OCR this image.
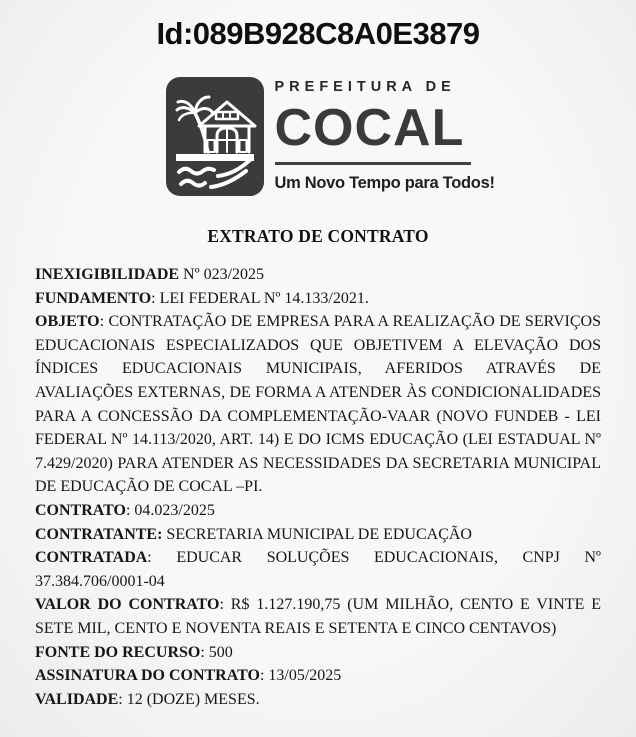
Id:089B928C8A0E3879
PREFEITURA DE
COCAL
Um Novo Tempo para Todos!
EXTRATO DE CONTRATO
INEXIGIBILIDADE Nº 023/2025
FUNDAMENTO: LEI FEDERAL Nº 14.133/2021.
OBJETO: CONTRATAÇÃO DE EMPRESA PARA A REALIZAÇÃO DE SERVIÇOS EDUCACIONAIS ESPECIALIZADOS QUE OBJETIVEM A ELEVAÇÃO DOS ÍNDICES EDUCACIONAIS MUNICIPAIS, AFERIDOS ATRAVÉS DE AVALIAÇÕES EXTERNAS, DE FORMA A ATENDER ÀS CONDICIONALIDADES PARA A CONCESSÃO DA COMPLEMENTAÇÃO-VAAR (NOVO FUNDEB - LEI FEDERAL Nº 14.113/2020, ART. 14) E DO ICMS EDUCAÇÃO (LEI ESTADUAL Nº 7.429/2020) PARA ATENDER AS NECESSIDADES DA SECRETARIA MUNICIPAL DE EDUCAÇÃO DE COCAL –PI.
CONTRATO: 04.023/2025
CONTRATANTE: SECRETARIA MUNICIPAL DE EDUCAÇÃO
CONTRATADA: EDUCAR SOLUÇÕES EDUCACIONAIS, CNPJ Nº 37.384.706/0001-04
VALOR DO CONTRATO: R$ 1.127.190,75 (UM MILHÃO, CENTO E VINTE E SETE MIL, CENTO E NOVENTA REAIS E SETENTA E CINCO CENTAVOS)
FONTE DO RECURSO: 500
ASSINATURA DO CONTRATO: 13/05/2025
VALIDADE: 12 (DOZE) MESES.
